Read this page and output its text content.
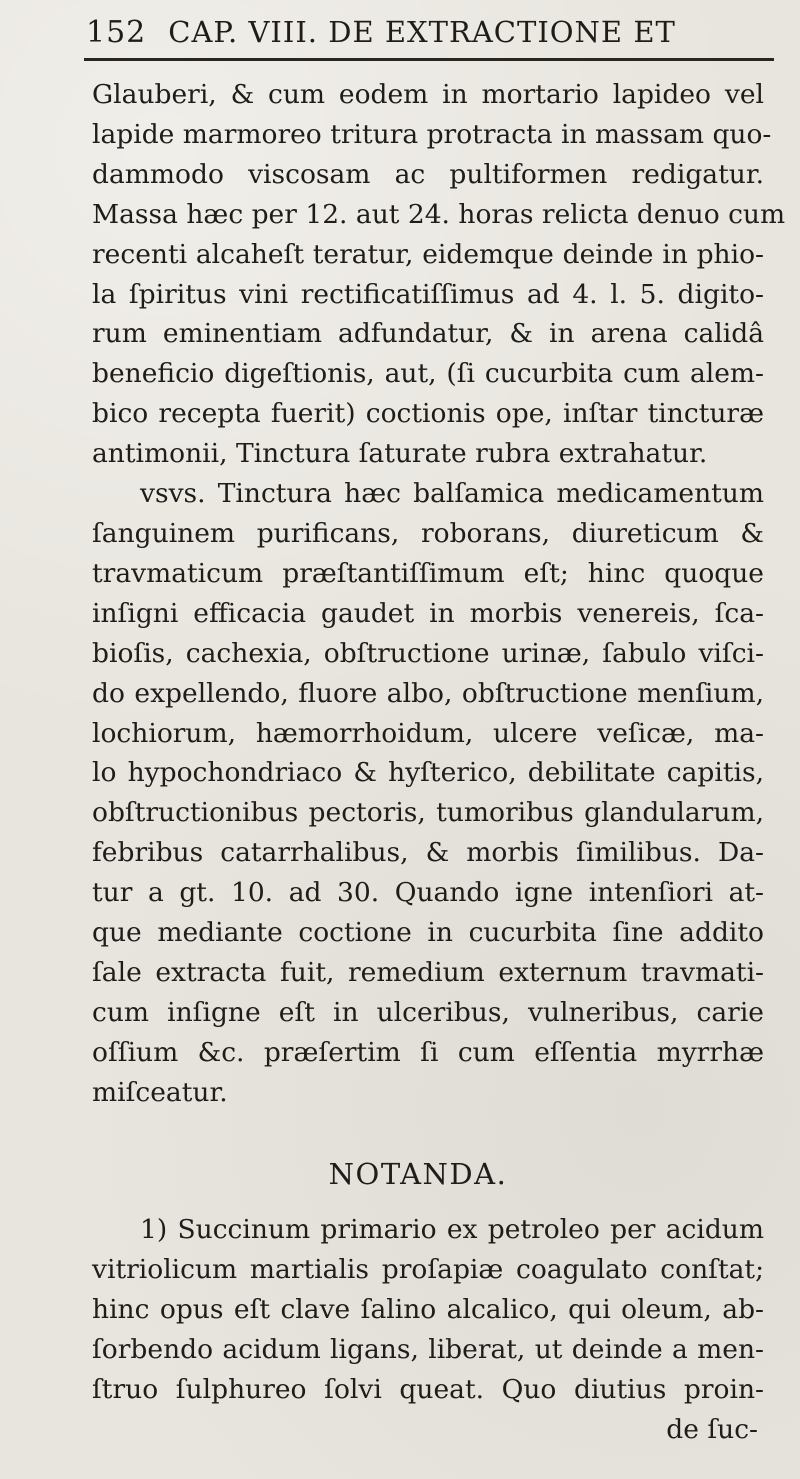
152 CAP. VIII. DE EXTRACTIONE ET
Glauberi, & cum eodem in mortario lapideo vel
lapide marmoreo tritura protracta in massam quo-
dammodo viscosam ac pultiformen redigatur.
Massa hæc per 12. aut 24. horas relicta denuo cum
recenti alcaheſt teratur, eidemque deinde in phio-
la ſpiritus vini rectificatiſſimus ad 4. l. 5. digito-
rum eminentiam adfundatur, & in arena calidâ
beneficio digeſtionis, aut, (ſi cucurbita cum alem-
bico recepta fuerit) coctionis ope, inſtar tincturæ
antimonii, Tinctura ſaturate rubra extrahatur.
vsvs. Tinctura hæc balſamica medicamentum
ſanguinem purificans, roborans, diureticum &
travmaticum præſtantiſſimum eſt; hinc quoque
inſigni efficacia gaudet in morbis venereis, ſca-
bioſis, cachexia, obſtructione urinæ, ſabulo viſci-
do expellendo, fluore albo, obſtructione menſium,
lochiorum, hæmorrhoidum, ulcere veſicæ, ma-
lo hypochondriaco & hyſterico, debilitate capitis,
obſtructionibus pectoris, tumoribus glandularum,
febribus catarrhalibus, & morbis ſimilibus. Da-
tur a gt. 10. ad 30. Quando igne intenſiori at-
que mediante coctione in cucurbita ſine addito
ſale extracta fuit, remedium externum travmati-
cum inſigne eſt in ulceribus, vulneribus, carie
oſſium &c. præſertim ſi cum eſſentia myrrhæ
miſceatur.
NOTANDA.
1) Succinum primario ex petroleo per acidum
vitriolicum martialis proſapiæ coagulato conſtat;
hinc opus eſt clave ſalino alcalico, qui oleum, ab-
ſorbendo acidum ligans, liberat, ut deinde a men-
ſtruo ſulphureo ſolvi queat. Quo diutius proin-
de ſuc-
